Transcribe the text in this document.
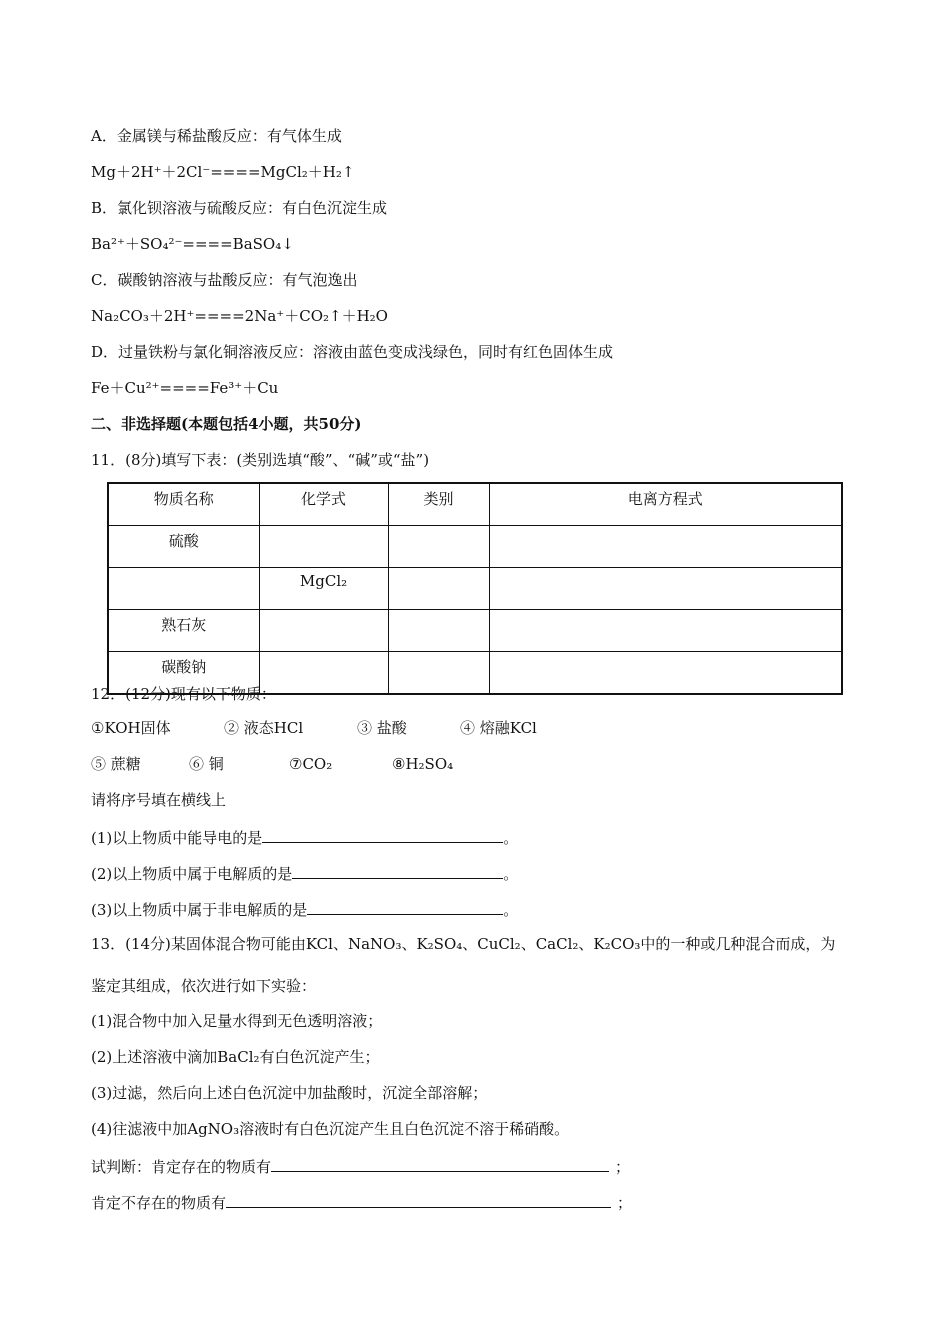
A．金属镁与稀盐酸反应：有气体生成
Mg＋2H⁺＋2Cl⁻====MgCl₂＋H₂↑
B．氯化钡溶液与硫酸反应：有白色沉淀生成
Ba²⁺＋SO₄²⁻====BaSO₄↓
C．碳酸钠溶液与盐酸反应：有气泡逸出
Na₂CO₃＋2H⁺====2Na⁺＋CO₂↑＋H₂O
D．过量铁粉与氯化铜溶液反应：溶液由蓝色变成浅绿色，同时有红色固体生成
Fe＋Cu²⁺====Fe³⁺＋Cu
二、非选择题(本题包括4小题，共50分)
11．(8分)填写下表：(类别选填“酸”、“碱”或“盐”)
物质名称	化学式	类别	电离方程式
硫酸			
	MgCl₂		
熟石灰			
碳酸钠			
12．(12分)现有以下物质：
①KOH固体	② 液态HCl	③ 盐酸	④ 熔融KCl
⑤ 蔗糖	⑥ 铜	⑦CO₂	⑧H₂SO₄
请将序号填在横线上
(1)以上物质中能导电的是	。
(2)以上物质中属于电解质的是	。
(3)以上物质中属于非电解质的是	。
13．(14分)某固体混合物可能由KCl、NaNO₃、K₂SO₄、CuCl₂、CaCl₂、K₂CO₃中的一种或几种混合而成，为
鉴定其组成，依次进行如下实验：
(1)混合物中加入足量水得到无色透明溶液；
(2)上述溶液中滴加BaCl₂有白色沉淀产生；
(3)过滤，然后向上述白色沉淀中加盐酸时，沉淀全部溶解；
(4)往滤液中加AgNO₃溶液时有白色沉淀产生且白色沉淀不溶于稀硝酸。
试判断：肯定存在的物质有	；
肯定不存在的物质有	；
